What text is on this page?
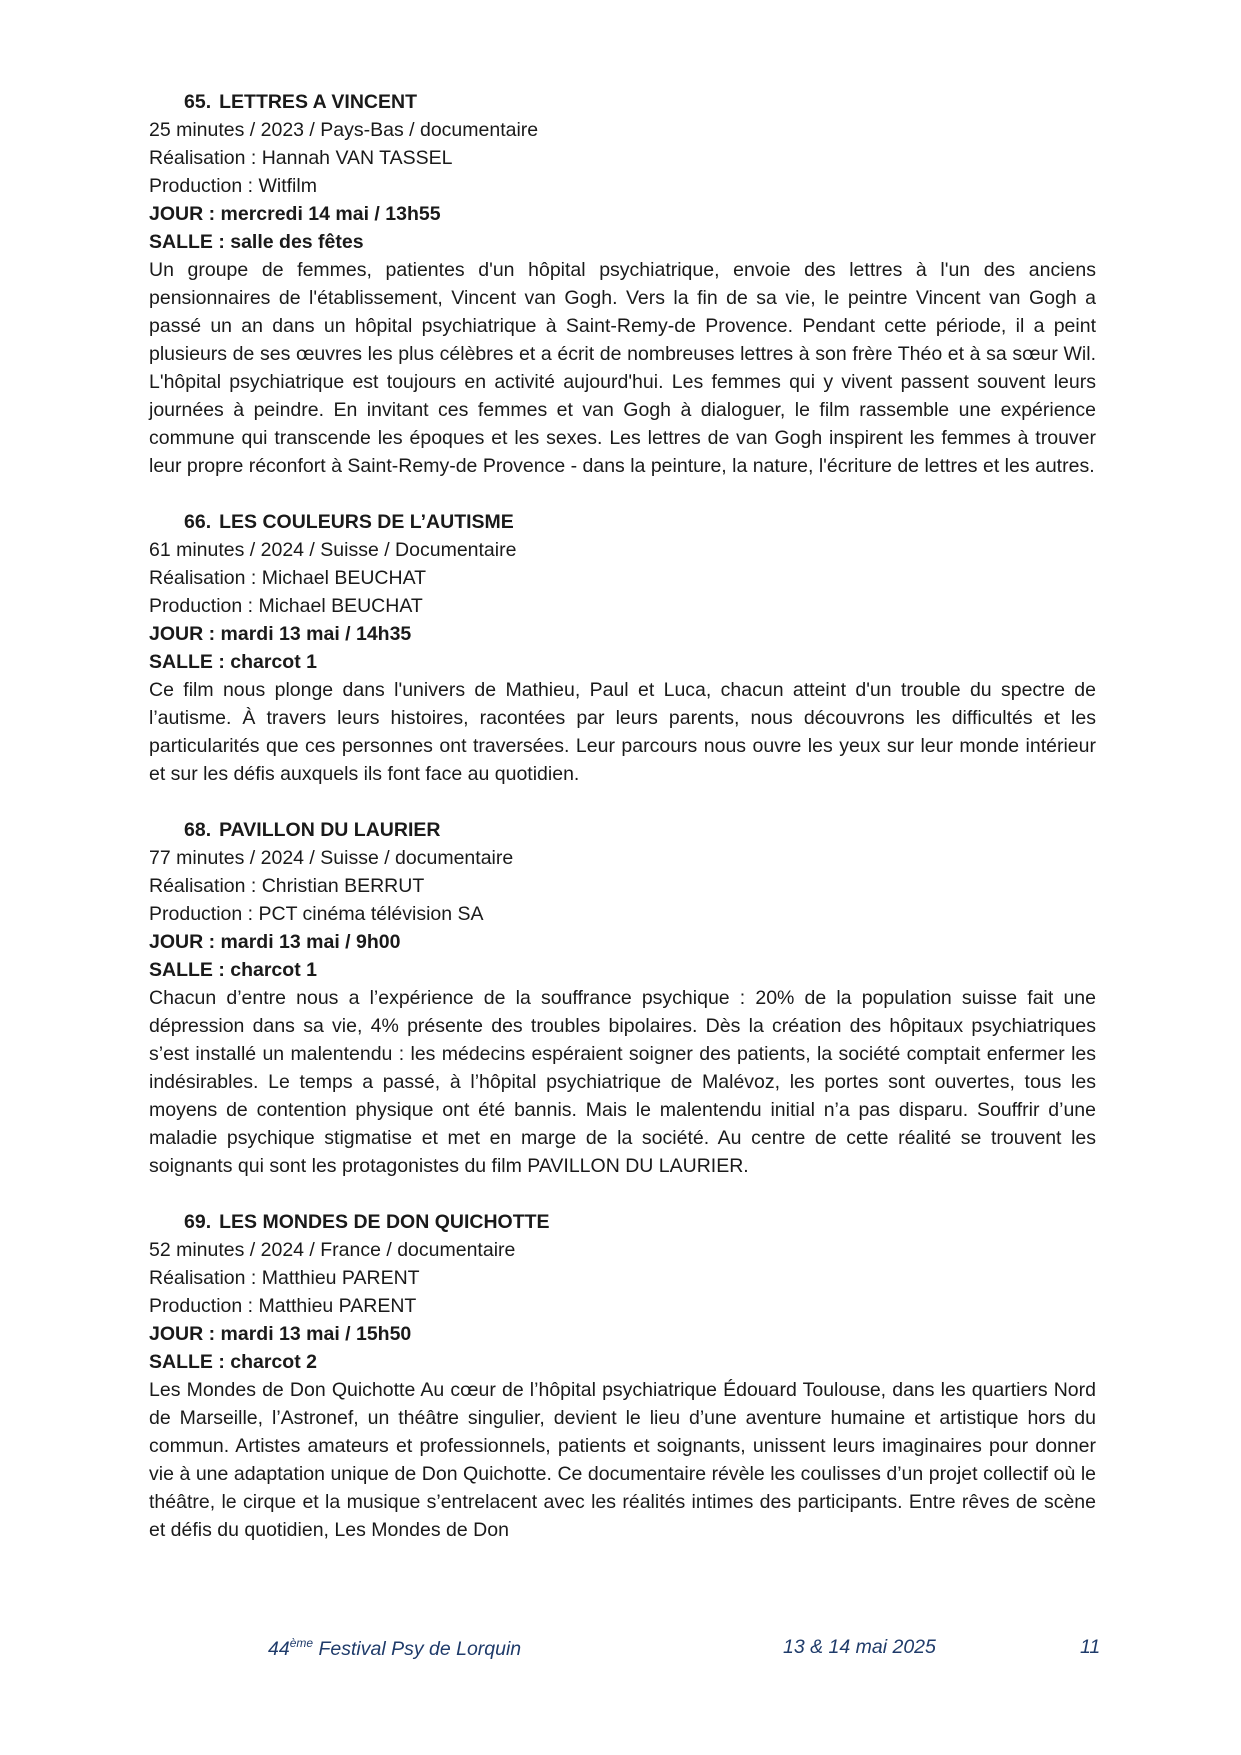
65. LETTRES A VINCENT

25 minutes / 2023 / Pays-Bas / documentaire

Réalisation : Hannah VAN TASSEL

Production : Witfilm

JOUR : mercredi 14 mai / 13h55

SALLE : salle des fêtes

Un groupe de femmes, patientes d'un hôpital psychiatrique, envoie des lettres à l'un des anciens pensionnaires de l'établissement, Vincent van Gogh. Vers la fin de sa vie, le peintre Vincent van Gogh a passé un an dans un hôpital psychiatrique à Saint-Remy-de Provence. Pendant cette période, il a peint plusieurs de ses œuvres les plus célèbres et a écrit de nombreuses lettres à son frère Théo et à sa sœur Wil. L'hôpital psychiatrique est toujours en activité aujourd'hui. Les femmes qui y vivent passent souvent leurs journées à peindre. En invitant ces femmes et van Gogh à dialoguer, le film rassemble une expérience commune qui transcende les époques et les sexes. Les lettres de van Gogh inspirent les femmes à trouver leur propre réconfort à Saint-Remy-de Provence - dans la peinture, la nature, l'écriture de lettres et les autres.

66. LES COULEURS DE L’AUTISME

61 minutes / 2024 / Suisse / Documentaire

Réalisation : Michael BEUCHAT

Production : Michael BEUCHAT

JOUR : mardi 13 mai / 14h35

SALLE : charcot 1

Ce film nous plonge dans l'univers de Mathieu, Paul et Luca, chacun atteint d'un trouble du spectre de l’autisme. À travers leurs histoires, racontées par leurs parents, nous découvrons les difficultés et les particularités que ces personnes ont traversées. Leur parcours nous ouvre les yeux sur leur monde intérieur et sur les défis auxquels ils font face au quotidien.

68. PAVILLON DU LAURIER

77 minutes / 2024 / Suisse / documentaire

Réalisation : Christian BERRUT

Production : PCT cinéma télévision SA

JOUR : mardi 13 mai / 9h00

SALLE : charcot 1

Chacun d’entre nous a l’expérience de la souffrance psychique : 20% de la population suisse fait une dépression dans sa vie, 4% présente des troubles bipolaires. Dès la création des hôpitaux psychiatriques s’est installé un malentendu : les médecins espéraient soigner des patients, la société comptait enfermer les indésirables. Le temps a passé, à l’hôpital psychiatrique de Malévoz, les portes sont ouvertes, tous les moyens de contention physique ont été bannis. Mais le malentendu initial n’a pas disparu. Souffrir d’une maladie psychique stigmatise et met en marge de la société. Au centre de cette réalité se trouvent les soignants qui sont les protagonistes du film PAVILLON DU LAURIER.

69. LES MONDES DE DON QUICHOTTE

52 minutes / 2024 / France / documentaire

Réalisation : Matthieu PARENT

Production : Matthieu PARENT

JOUR : mardi 13 mai / 15h50

SALLE : charcot 2

Les Mondes de Don Quichotte Au cœur de l’hôpital psychiatrique Édouard Toulouse, dans les quartiers Nord de Marseille, l’Astronef, un théâtre singulier, devient le lieu d’une aventure humaine et artistique hors du commun. Artistes amateurs et professionnels, patients et soignants, unissent leurs imaginaires pour donner vie à une adaptation unique de Don Quichotte. Ce documentaire révèle les coulisses d’un projet collectif où le théâtre, le cirque et la musique s’entrelacent avec les réalités intimes des participants. Entre rêves de scène et défis du quotidien, Les Mondes de Don

44ème Festival Psy de Lorquin	13 & 14 mai 2025	11
